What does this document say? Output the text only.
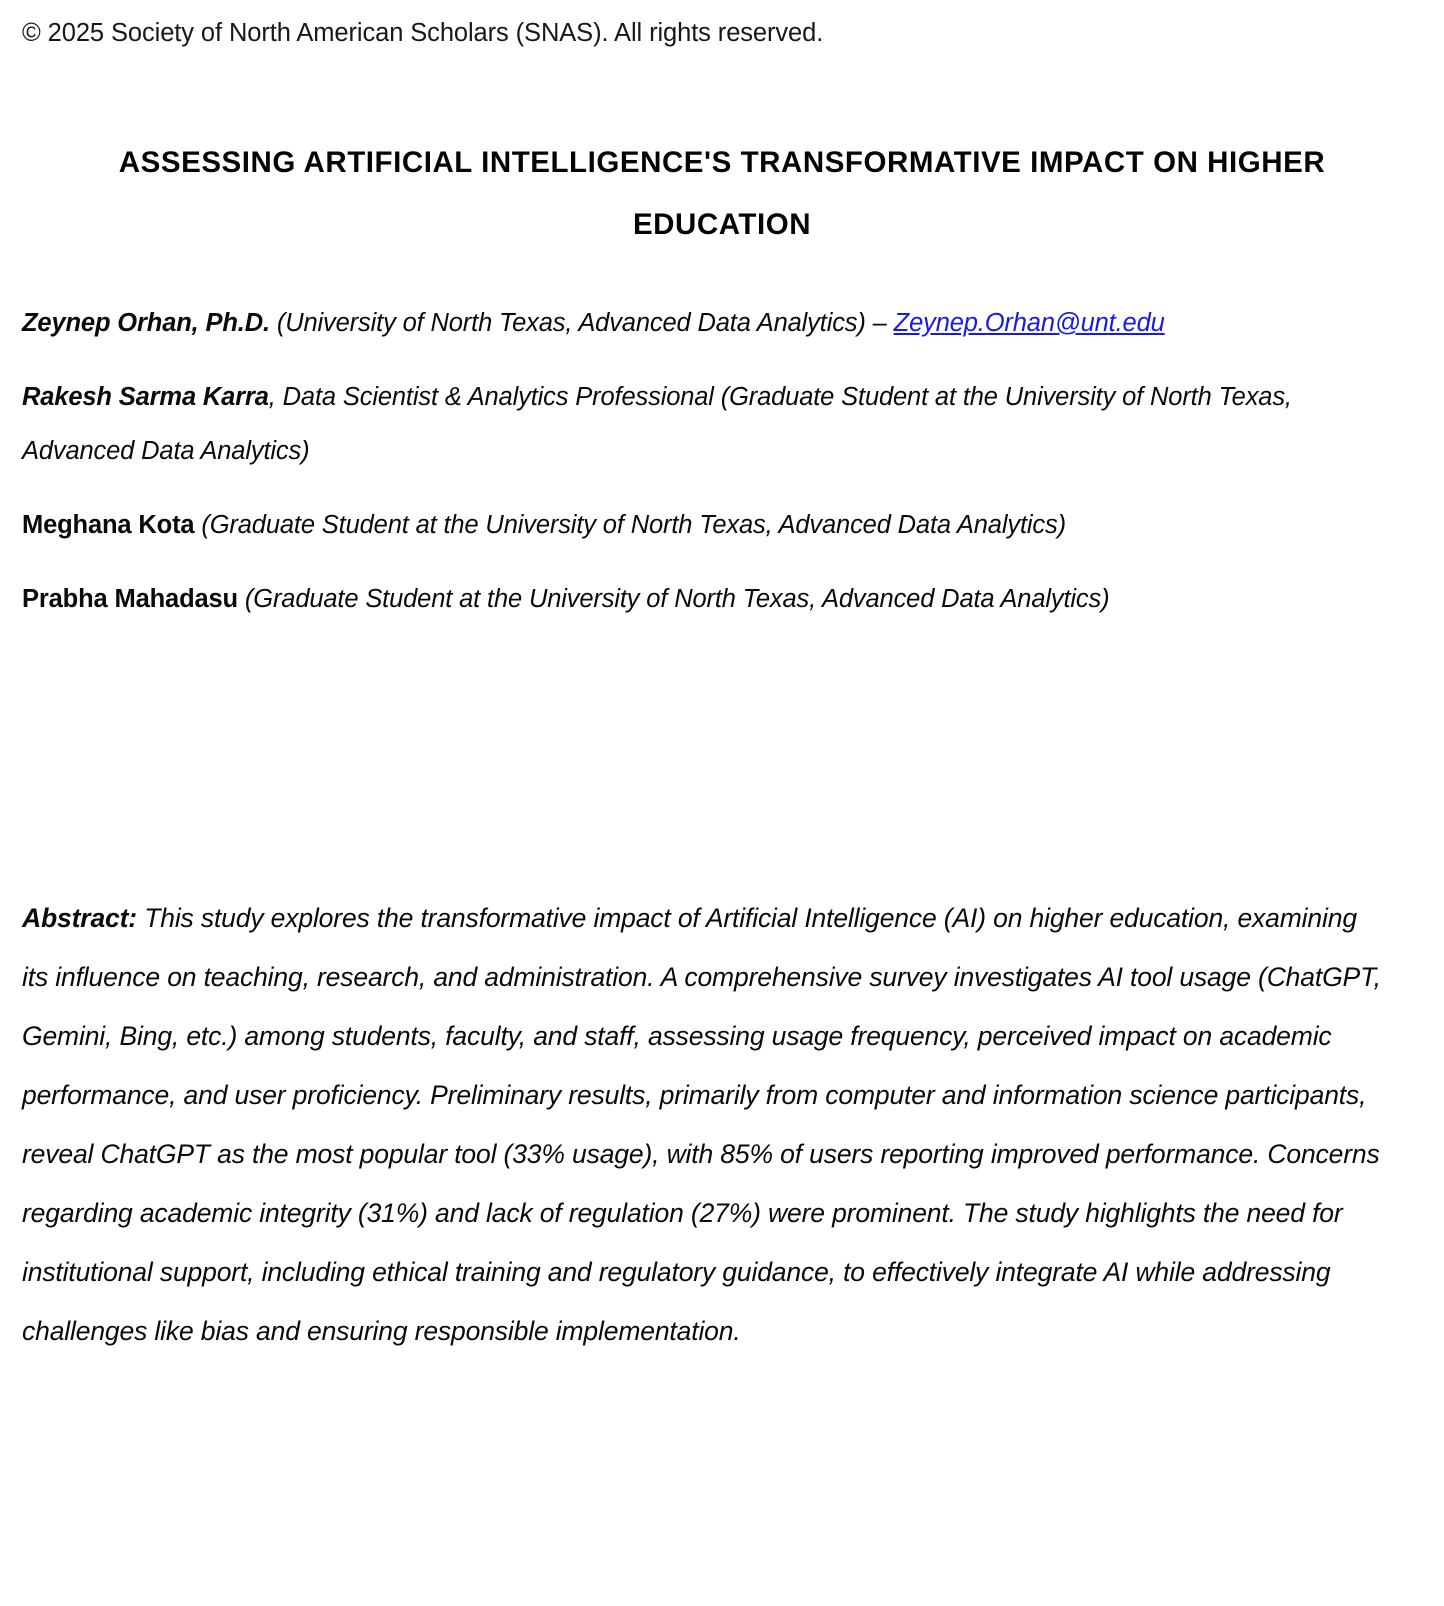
© 2025 Society of North American Scholars (SNAS). All rights reserved.
ASSESSING ARTIFICIAL INTELLIGENCE'S TRANSFORMATIVE IMPACT ON HIGHER EDUCATION

Zeynep Orhan, Ph.D. (University of North Texas, Advanced Data Analytics) – Zeynep.Orhan@unt.edu

Rakesh Sarma Karra, Data Scientist & Analytics Professional (Graduate Student at the University of North Texas, Advanced Data Analytics)

Meghana Kota (Graduate Student at the University of North Texas, Advanced Data Analytics)

Prabha Mahadasu (Graduate Student at the University of North Texas, Advanced Data Analytics)

Abstract: This study explores the transformative impact of Artificial Intelligence (AI) on higher education, examining its influence on teaching, research, and administration. A comprehensive survey investigates AI tool usage (ChatGPT, Gemini, Bing, etc.) among students, faculty, and staff, assessing usage frequency, perceived impact on academic performance, and user proficiency. Preliminary results, primarily from computer and information science participants, reveal ChatGPT as the most popular tool (33% usage), with 85% of users reporting improved performance. Concerns regarding academic integrity (31%) and lack of regulation (27%) were prominent. The study highlights the need for institutional support, including ethical training and regulatory guidance, to effectively integrate AI while addressing challenges like bias and ensuring responsible implementation.
